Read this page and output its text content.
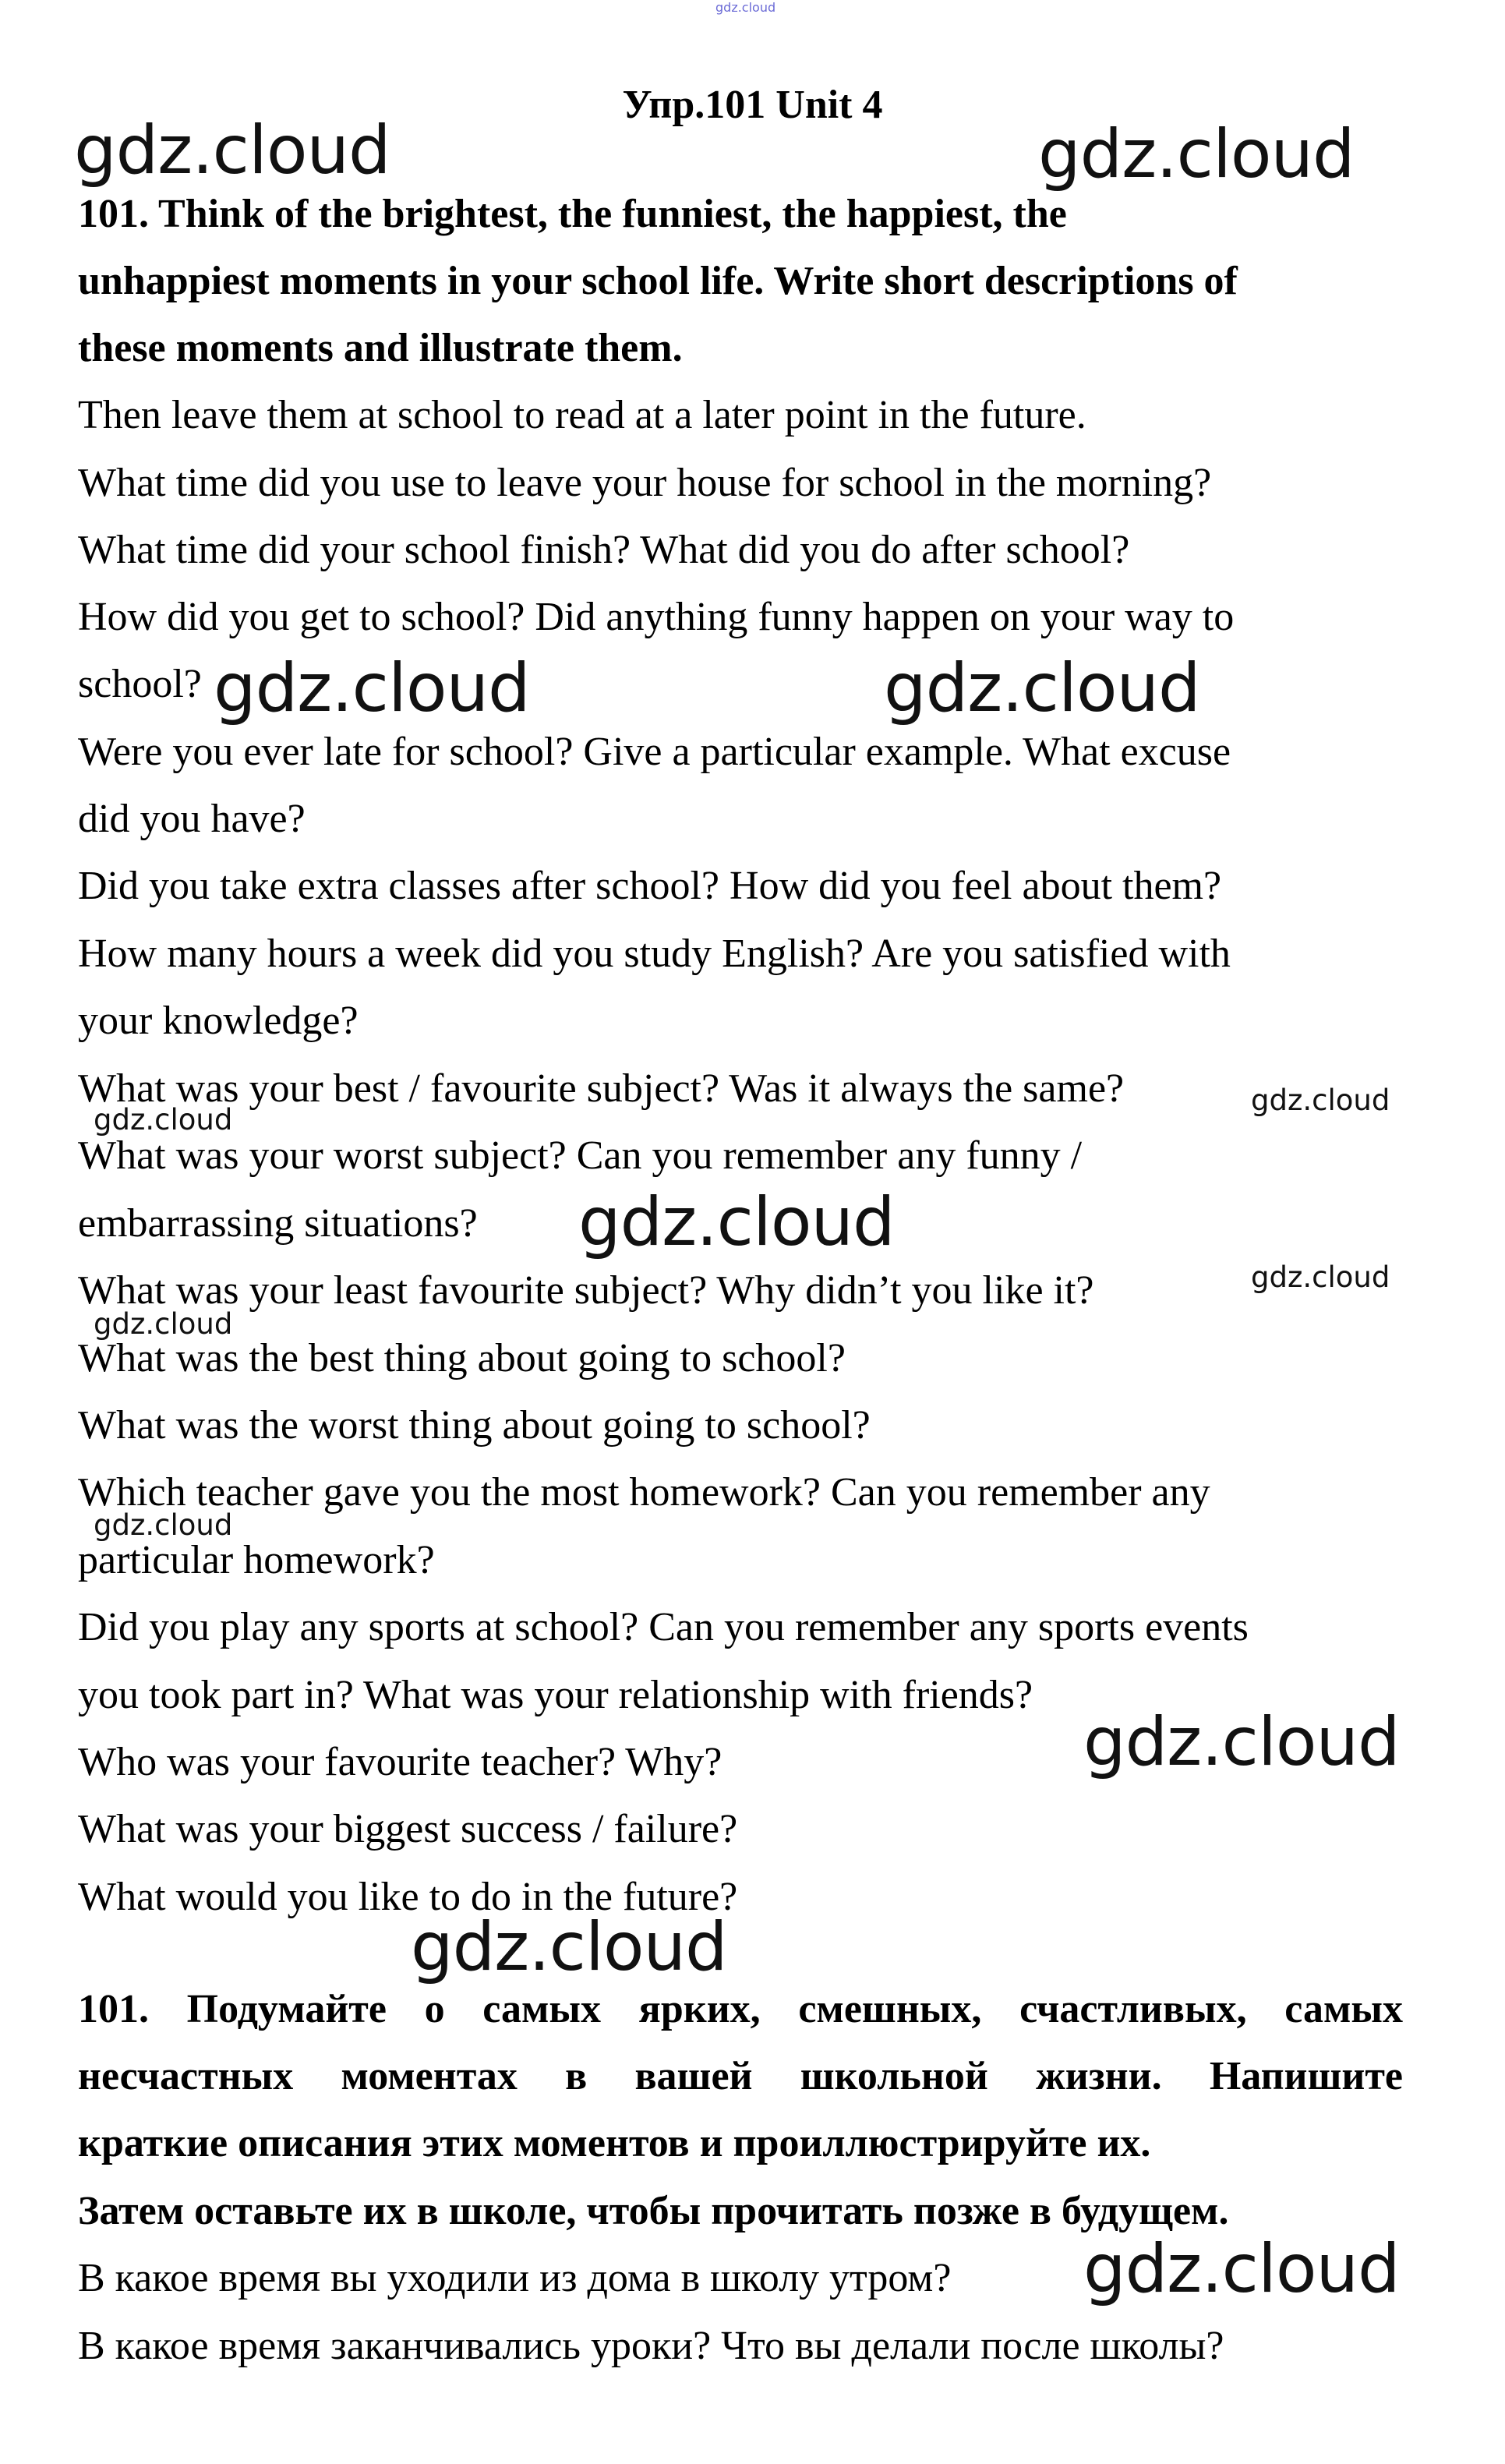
gdz.cloud
Упр.101 Unit 4

101. Think of the brightest, the funniest, the happiest, the

unhappiest moments in your school life. Write short descriptions of

these moments and illustrate them.

Then leave them at school to read at a later point in the future.

What time did you use to leave your house for school in the morning?

What time did your school finish? What did you do after school?

How did you get to school? Did anything funny happen on your way to

school?

Were you ever late for school? Give a particular example. What excuse

did you have?

Did you take extra classes after school? How did you feel about them?

How many hours a week did you study English? Are you satisfied with

your knowledge?

What was your best / favourite subject? Was it always the same?

What was your worst subject? Can you remember any funny /

embarrassing situations?

What was your least favourite subject? Why didn’t you like it?

What was the best thing about going to school?

What was the worst thing about going to school?

Which teacher gave you the most homework? Can you remember any

particular homework?

Did you play any sports at school? Can you remember any sports events

you took part in? What was your relationship with friends?

Who was your favourite teacher? Why?

What was your biggest success / failure?

What would you like to do in the future?

101. Подумайте о самых ярких, смешных, счастливых, самых

несчастных моментах в вашей школьной жизни. Напишите

краткие описания этих моментов и проиллюстрируйте их.

Затем оставьте их в школе, чтобы прочитать позже в будущем.

В какое время вы уходили из дома в школу утром?

В какое время заканчивались уроки? Что вы делали после школы?

gdz.cloud	gdz.cloud
gdz.cloud	gdz.cloud
gdz.cloud
gdz.cloud
gdz.cloud
gdz.cloud
gdz.cloud
gdz.cloud
gdz.cloud
gdz.cloud
gdz.cloud
